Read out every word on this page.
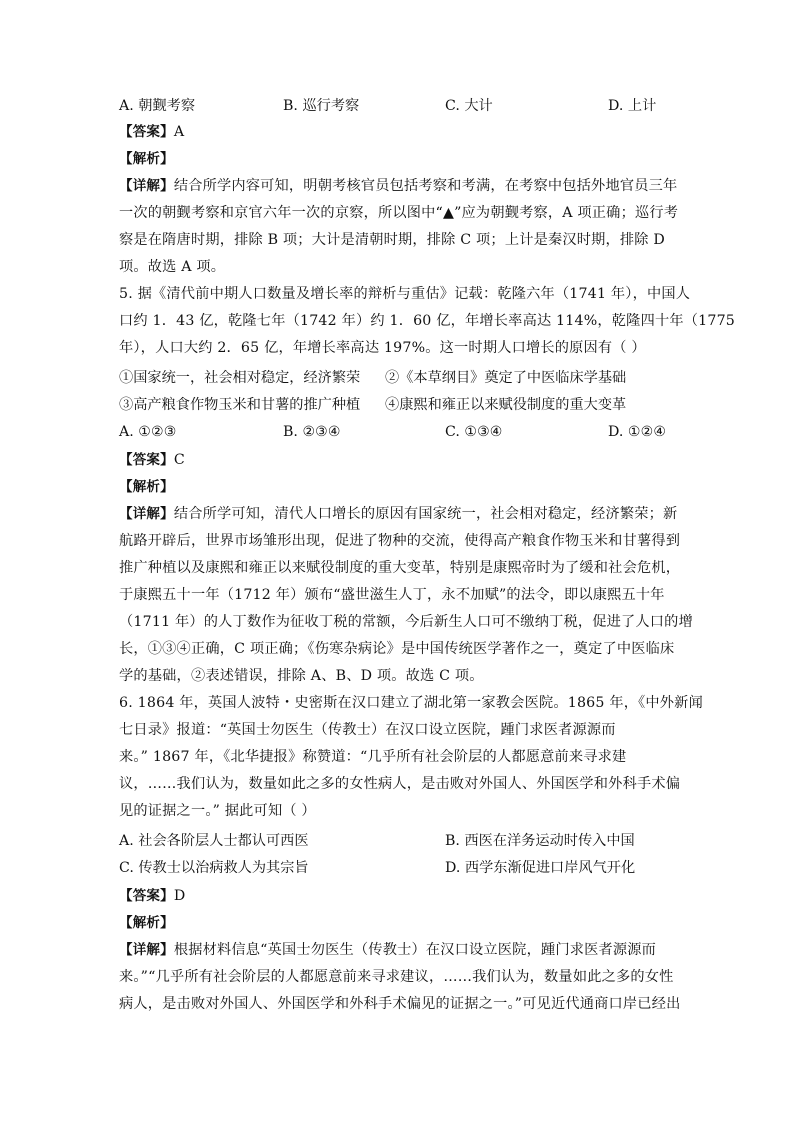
A. 朝觐考察	B. 巡行考察	C. 大计	D. 上计
【答案】A
【解析】
【详解】结合所学内容可知，明朝考核官员包括考察和考满，在考察中包括外地官员三年
一次的朝觐考察和京官六年一次的京察，所以图中“▲”应为朝觐考察，A 项正确；巡行考
察是在隋唐时期，排除 B 项；大计是清朝时期，排除 C 项；上计是秦汉时期，排除 D
项。故选 A 项。
5. 据《清代前中期人口数量及增长率的辩析与重估》记载：乾隆六年（1741 年），中国人
口约 1．43 亿，乾隆七年（1742 年）约 1．60 亿，年增长率高达 114%，乾隆四十年（1775
年），人口大约 2．65 亿，年增长率高达 197%。这一时期人口增长的原因有（ ）
①国家统一，社会相对稳定，经济繁荣 ②《本草纲目》奠定了中医临床学基础
③高产粮食作物玉米和甘薯的推广种植 ④康熙和雍正以来赋役制度的重大变革
A. ①②③	B. ②③④	C. ①③④	D. ①②④
【答案】C
【解析】
【详解】结合所学可知，清代人口增长的原因有国家统一，社会相对稳定，经济繁荣；新
航路开辟后，世界市场雏形出现，促进了物种的交流，使得高产粮食作物玉米和甘薯得到
推广种植以及康熙和雍正以来赋役制度的重大变革，特别是康熙帝时为了缓和社会危机，
于康熙五十一年（1712 年）颁布“盛世滋生人丁，永不加赋”的法令，即以康熙五十年
（1711 年）的人丁数作为征收丁税的常额，今后新生人口可不缴纳丁税，促进了人口的增
长，①③④正确，C 项正确；《伤寒杂病论》是中国传统医学著作之一，奠定了中医临床
学的基础，②表述错误，排除 A、B、D 项。故选 C 项。
6. 1864 年，英国人波特・史密斯在汉口建立了湖北第一家教会医院。1865 年，《中外新闻
七日录》报道：“英国士勿医生（传教士）在汉口设立医院，踵门求医者源源而
来。” 1867 年，《北华捷报》称赞道：“几乎所有社会阶层的人都愿意前来寻求建
议，……我们认为，数量如此之多的女性病人，是击败对外国人、外国医学和外科手术偏
见的证据之一。” 据此可知（ ）
A. 社会各阶层人士都认可西医	B. 西医在洋务运动时传入中国
C. 传教士以治病救人为其宗旨	D. 西学东渐促进口岸风气开化
【答案】D
【解析】
【详解】根据材料信息“英国士勿医生（传教士）在汉口设立医院，踵门求医者源源而
来。”“几乎所有社会阶层的人都愿意前来寻求建议，……我们认为，数量如此之多的女性
病人，是击败对外国人、外国医学和外科手术偏见的证据之一。”可见近代通商口岸已经出
